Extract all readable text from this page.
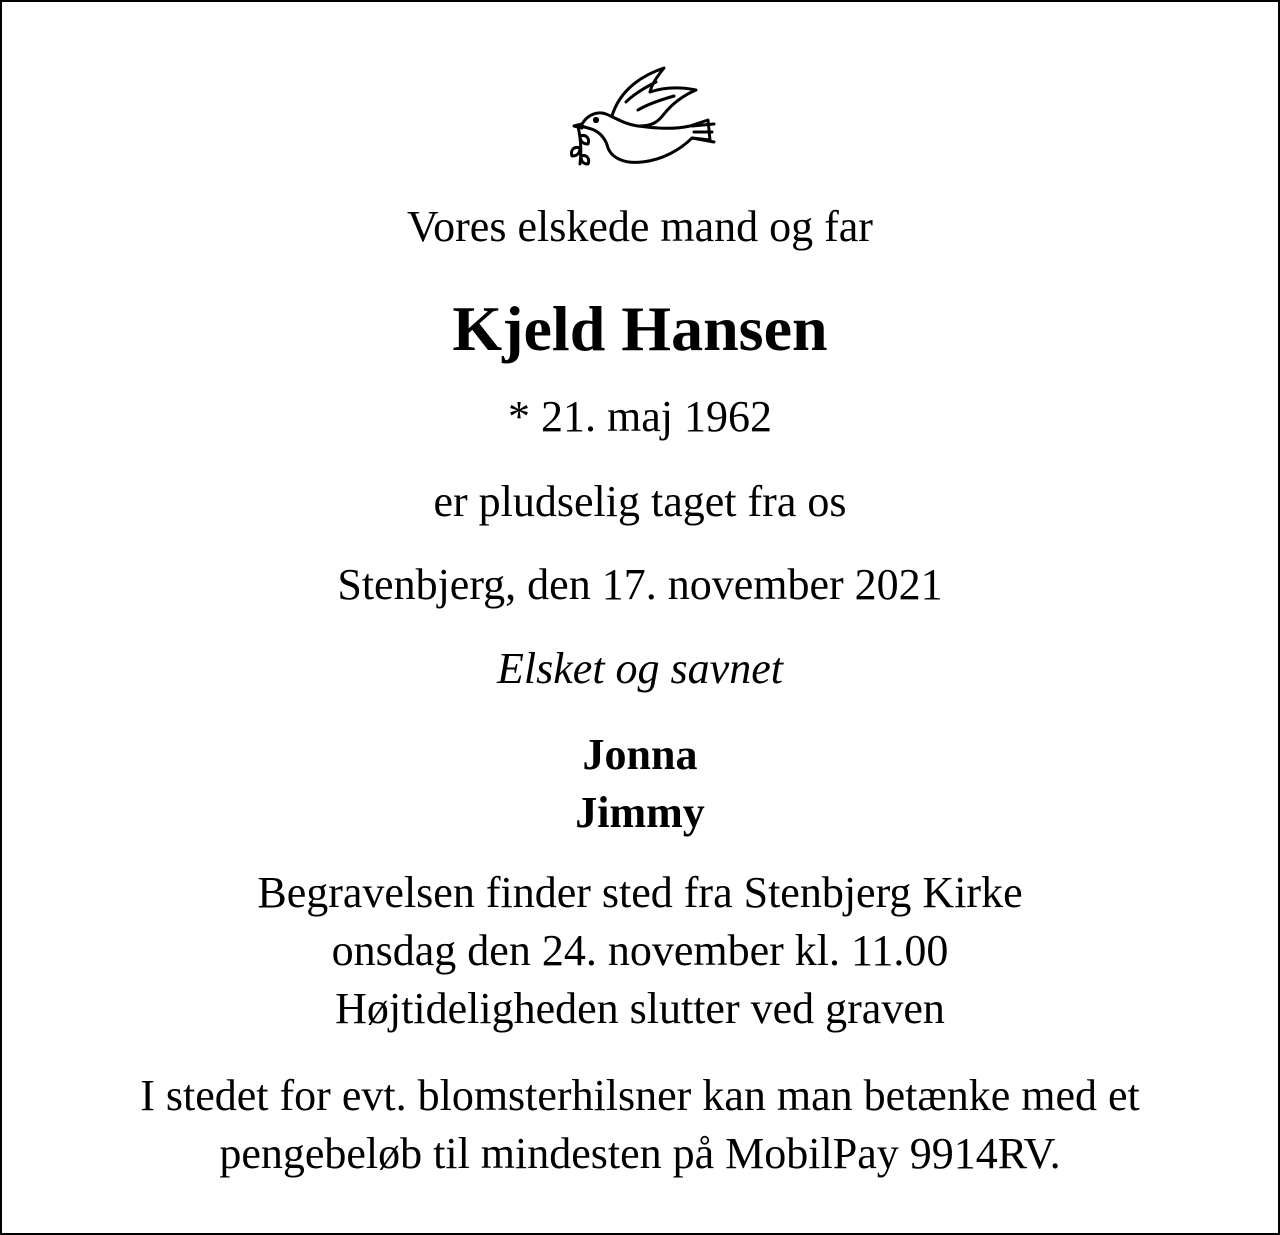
Vores elskede mand og far
Kjeld Hansen
* 21. maj 1962
er pludselig taget fra os
Stenbjerg, den 17. november 2021
Elsket og savnet
Jonna
Jimmy
Begravelsen finder sted fra Stenbjerg Kirke
onsdag den 24. november kl. 11.00
Højtideligheden slutter ved graven
I stedet for evt. blomsterhilsner kan man betænke med et
pengebeløb til mindesten på MobilPay 9914RV.
